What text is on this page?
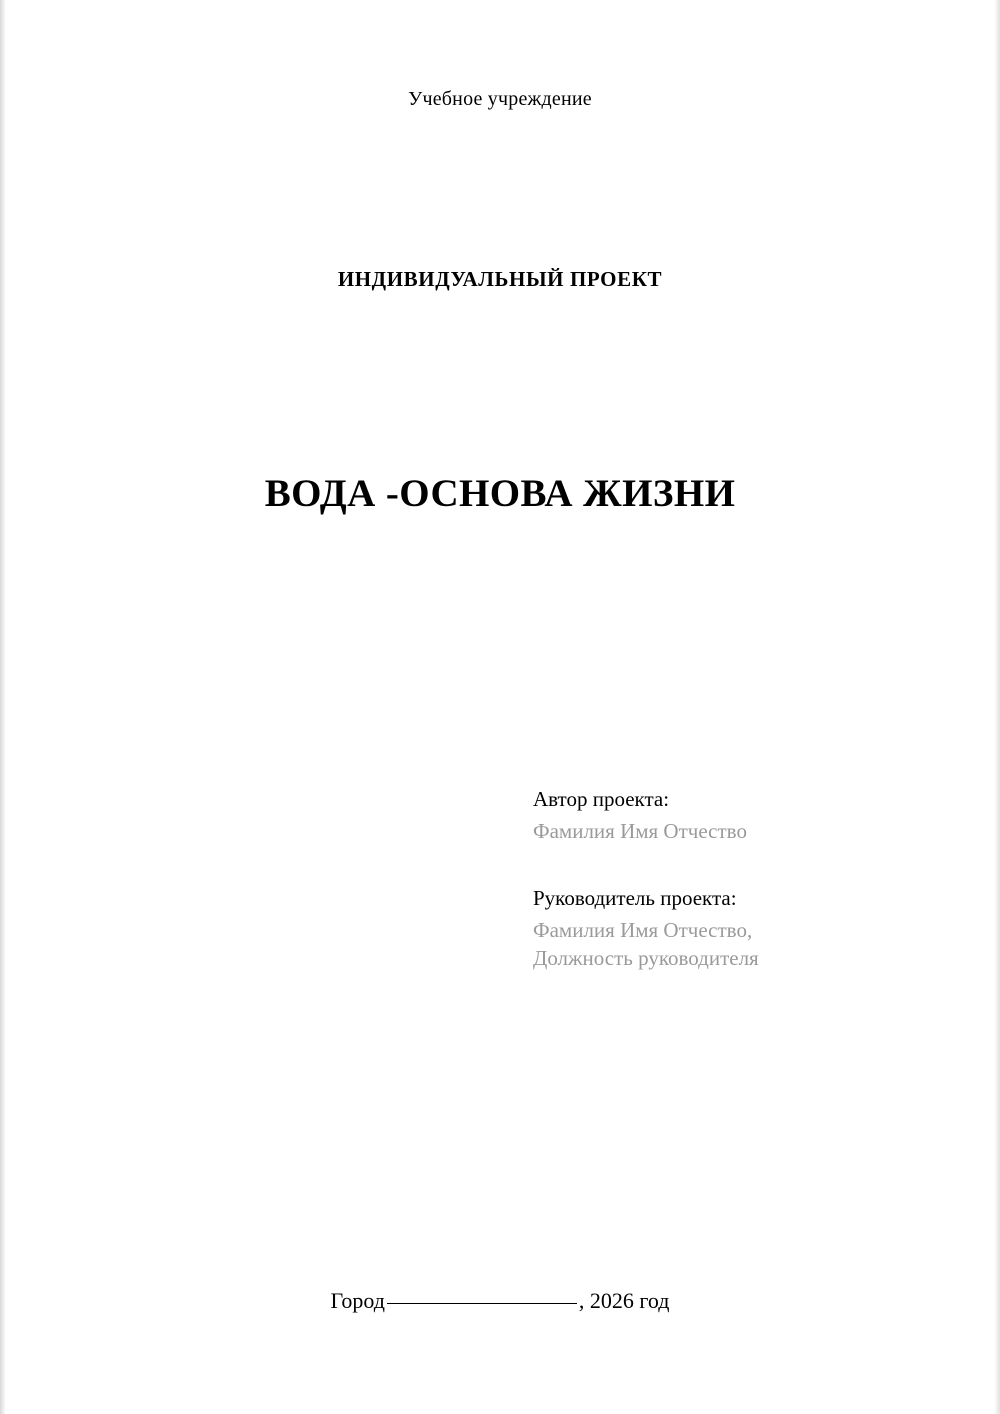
Учебное учреждение
ИНДИВИДУАЛЬНЫЙ ПРОЕКТ
ВОДА -ОСНОВА ЖИЗНИ

Автор проекта:

Фамилия Имя Отчество

Руководитель проекта:

Фамилия Имя Отчество,

Должность руководителя

Город	, 2026 год
